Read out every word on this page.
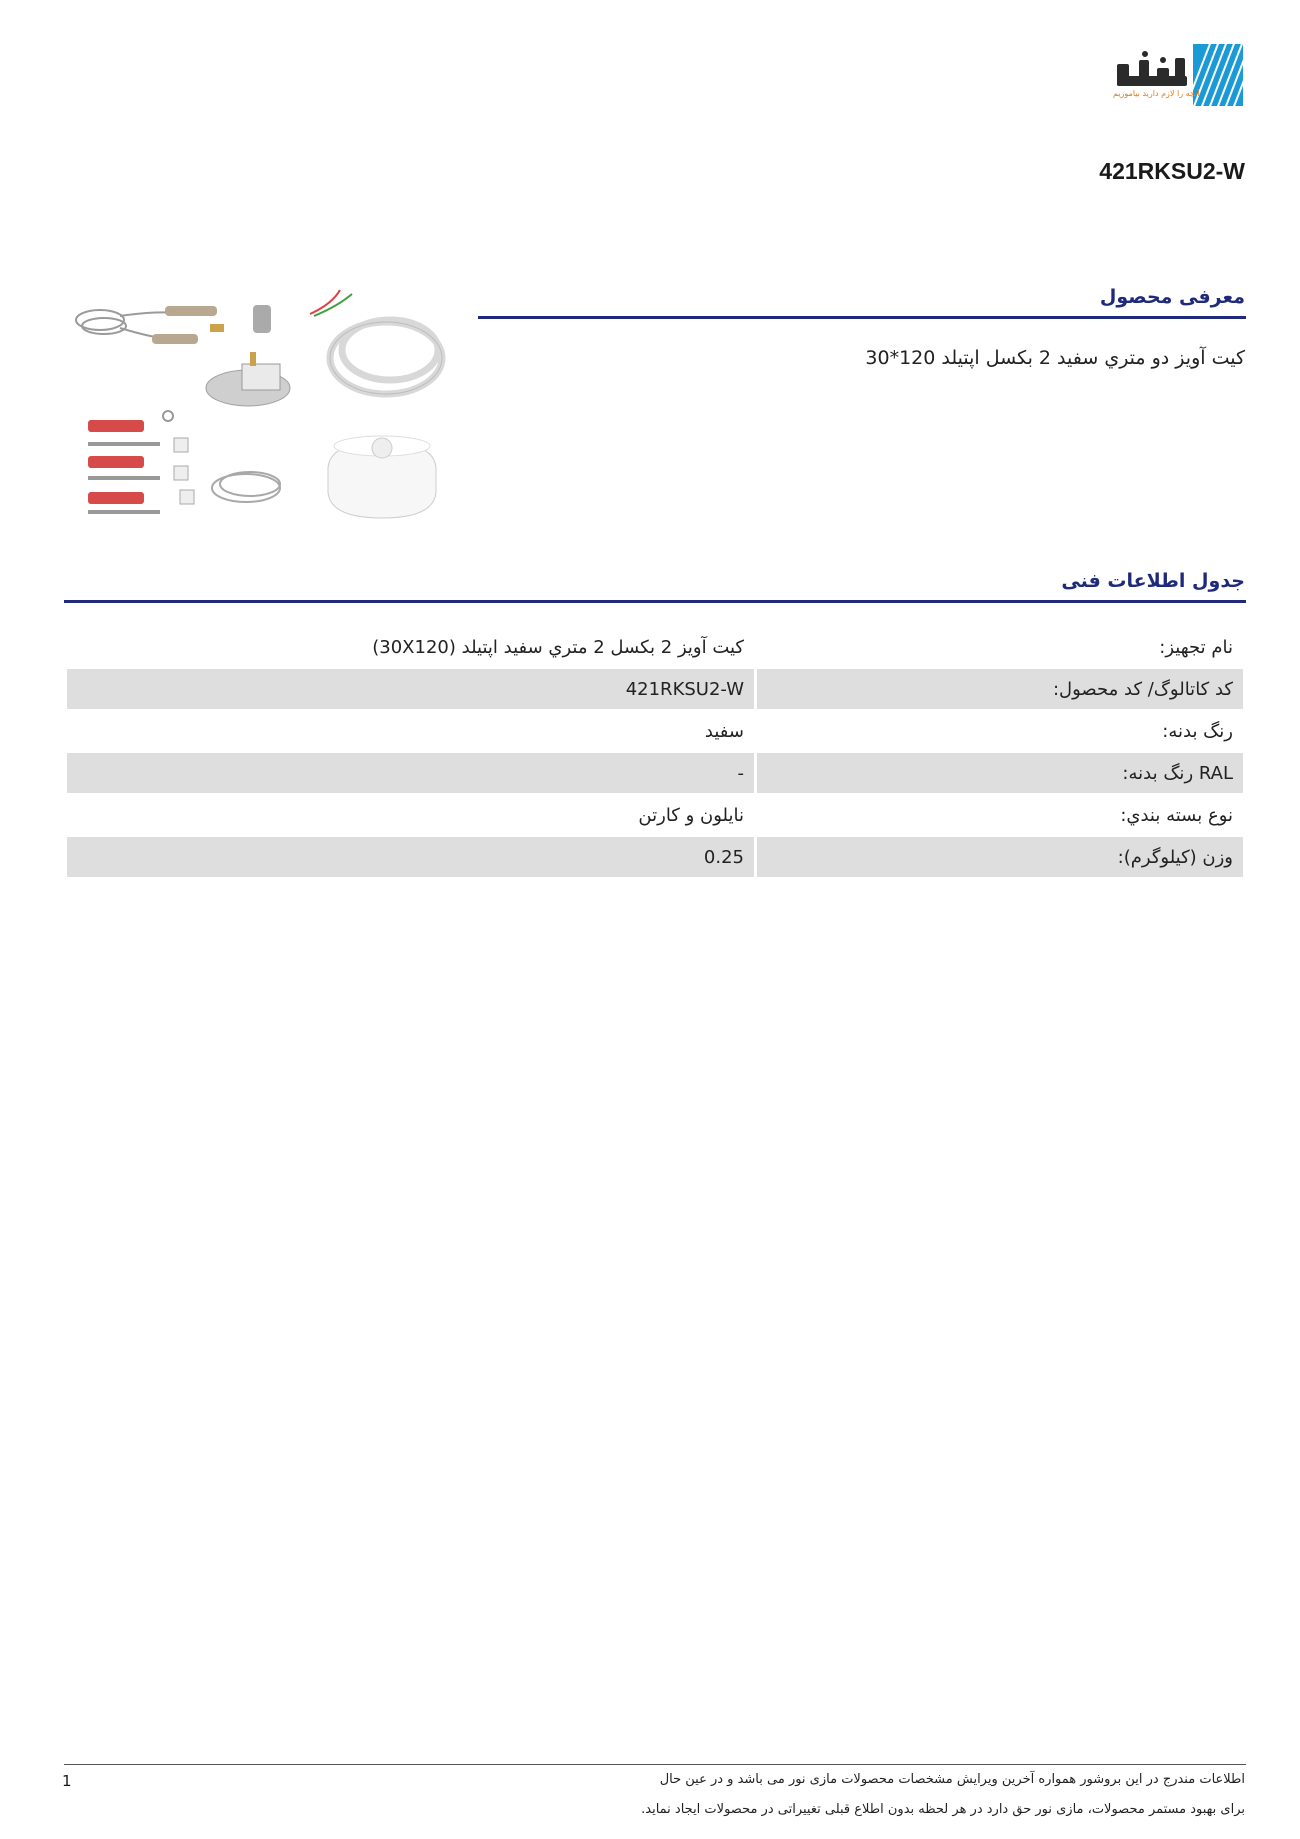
آنچه را لازم دارید بیاموزیم
421RKSU2-W
معرفی محصول
کيت آويز دو متري سفيد 2 بکسل اپتيلد 120*30
جدول اطلاعات فنی
نام تجهيز:	کيت آويز 2 بکسل 2 متري سفيد اپتيلد (30X120)
کد کاتالوگ/ کد محصول:	421RKSU2-W
رنگ بدنه:	سفيد
RAL رنگ بدنه:	-
نوع بسته بندي:	نايلون و کارتن
وزن (کيلوگرم):	0.25
1	اطلاعات مندرج در این بروشور همواره آخرین ویرایش مشخصات محصولات مازی نور می باشد و در عین حال
برای بهبود مستمر محصولات، مازی نور حق دارد در هر لحظه بدون اطلاع قبلی تغییراتی در محصولات ایجاد نماید.
